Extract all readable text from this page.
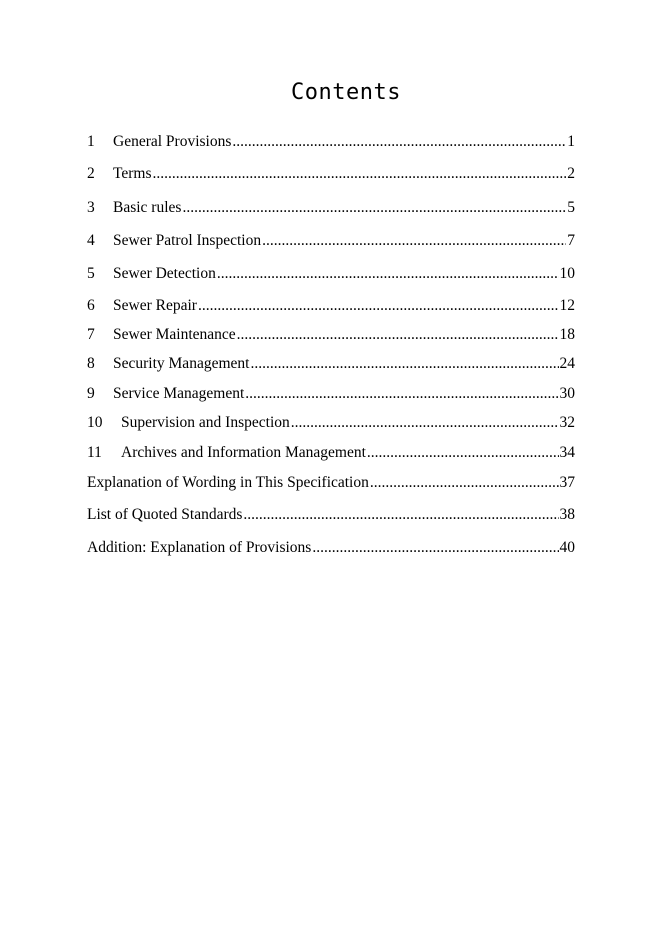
Contents
1	General Provisions .....	1
2	Terms .....	2
3	Basic rules .....	5
4	Sewer Patrol Inspection .....	7
5	Sewer Detection .....	10
6	Sewer Repair .....	12
7	Sewer Maintenance .....	18
8	Security Management .....	24
9	Service Management .....	30
10	Supervision and Inspection .....	32
11	Archives and Information Management .....	34
Explanation of Wording in This Specification .....	37
List of Quoted Standards .....	38
Addition: Explanation of Provisions .....	40
